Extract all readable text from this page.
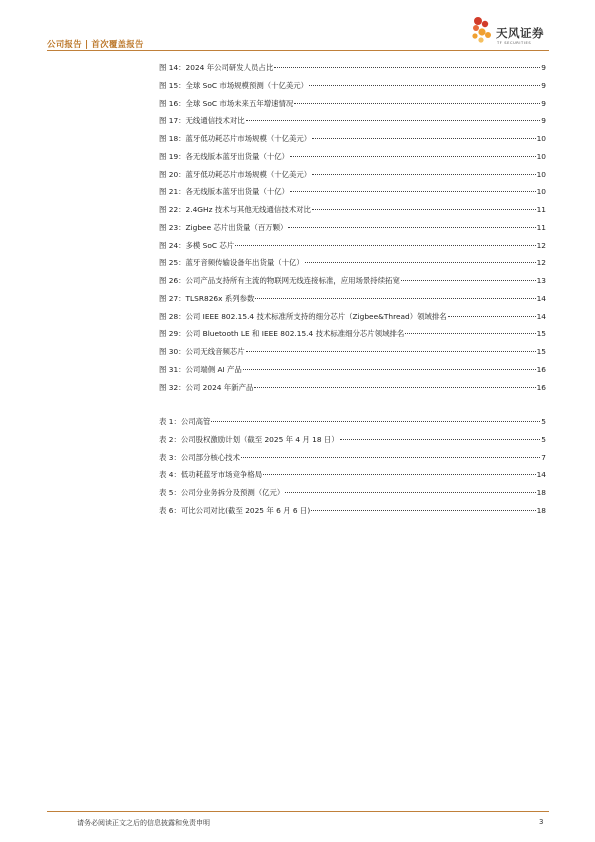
公司报告 | 首次覆盖报告
天风证券
TF SECURITIES
图 14：2024 年公司研发人员占比	9
图 15：全球 SoC 市场规模预测（十亿美元）	9
图 16：全球 SoC 市场未来五年增速情况	9
图 17：无线通信技术对比	9
图 18：蓝牙低功耗芯片市场规模（十亿美元）	10
图 19：各无线版本蓝牙出货量（十亿）	10
图 20：蓝牙低功耗芯片市场规模（十亿美元）	10
图 21：各无线版本蓝牙出货量（十亿）	10
图 22：2.4GHz 技术与其他无线通信技术对比	11
图 23：Zigbee 芯片出货量（百万颗）	11
图 24：多模 SoC 芯片	12
图 25：蓝牙音频传输设备年出货量（十亿）	12
图 26：公司产品支持所有主流的物联网无线连接标准，应用场景持续拓宽	13
图 27：TLSR826x 系列参数	14
图 28：公司 IEEE 802.15.4 技术标准所支持的细分芯片（Zigbee&Thread）领域排名	14
图 29：公司 Bluetooth LE 和 IEEE 802.15.4 技术标准细分芯片领域排名	15
图 30：公司无线音频芯片	15
图 31：公司端侧 AI 产品	16
图 32：公司 2024 年新产品	16
表 1：公司高管	5
表 2：公司股权激励计划（截至 2025 年 4 月 18 日）	5
表 3：公司部分核心技术	7
表 4：低功耗蓝牙市场竞争格局	14
表 5：公司分业务拆分及预测（亿元）	18
表 6：可比公司对比(截至 2025 年 6 月 6 日)	18
请务必阅读正文之后的信息披露和免责申明	3
